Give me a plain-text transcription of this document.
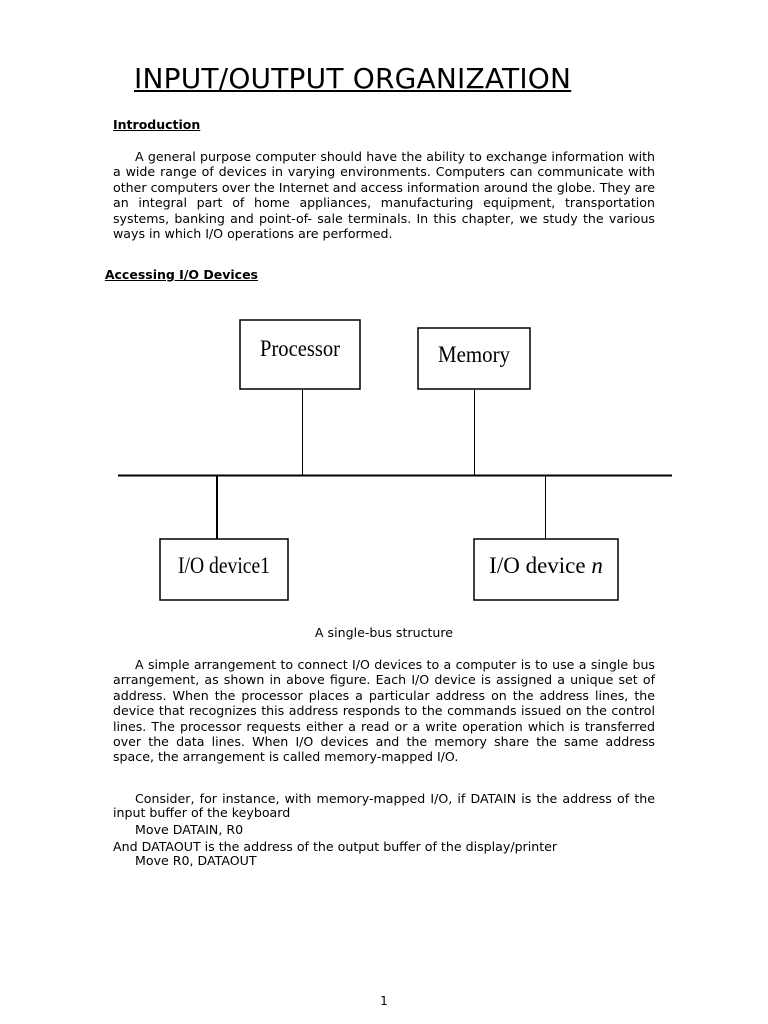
INPUT/OUTPUT ORGANIZATION
Introduction

A general purpose computer should have the ability to exchange information with a wide range of devices in varying environments. Computers can communicate with other computers over the Internet and access information around the globe. They are an integral part of home appliances, manufacturing equipment, transportation systems, banking and point-of- sale terminals. In this chapter, we study the various ways in which I/O operations are performed.

Accessing I/O Devices
Processor	Memory
I/O device1	I/O device n

A single-bus structure

A simple arrangement to connect I/O devices to a computer is to use a single bus arrangement, as shown in above figure. Each I/O device is assigned a unique set of address. When the processor places a particular address on the address lines, the device that recognizes this address responds to the commands issued on the control lines. The processor requests either a read or a write operation which is transferred over the data lines. When I/O devices and the memory share the same address space, the arrangement is called memory-mapped I/O.

Consider, for instance, with memory-mapped I/O, if DATAIN is the address of the input buffer of the keyboard

Move DATAIN, R0

And DATAOUT is the address of the output buffer of the display/printer

Move R0, DATAOUT

1
